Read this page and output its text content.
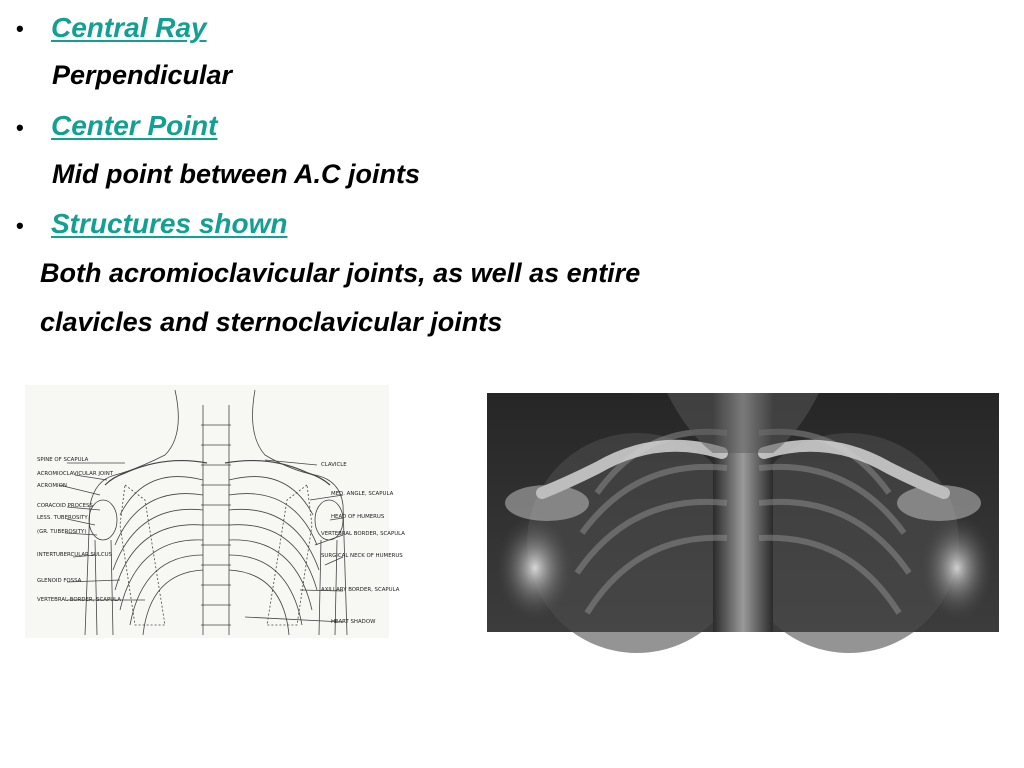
• Central Ray
Perpendicular
• Center Point
Mid point between A.C joints
• Structures shown
Both acromioclavicular joints, as well as entire
clavicles and sternoclavicular joints
SPINE OF SCAPULA
ACROMIOCLAVICULAR JOINT
ACROMION
CORACOID PROCESS
LESS. TUBEROSITY
(GR. TUBEROSITY)
INTERTUBERCULAR SULCUS
GLENOID FOSSA
VERTEBRAL BORDER, SCAPULA
CLAVICLE
MED. ANGLE, SCAPULA
HEAD OF HUMERUS
VERTEBRAL BORDER, SCAPULA
SURGICAL NECK OF HUMERUS
AXILLARY BORDER, SCAPULA
HEART SHADOW
